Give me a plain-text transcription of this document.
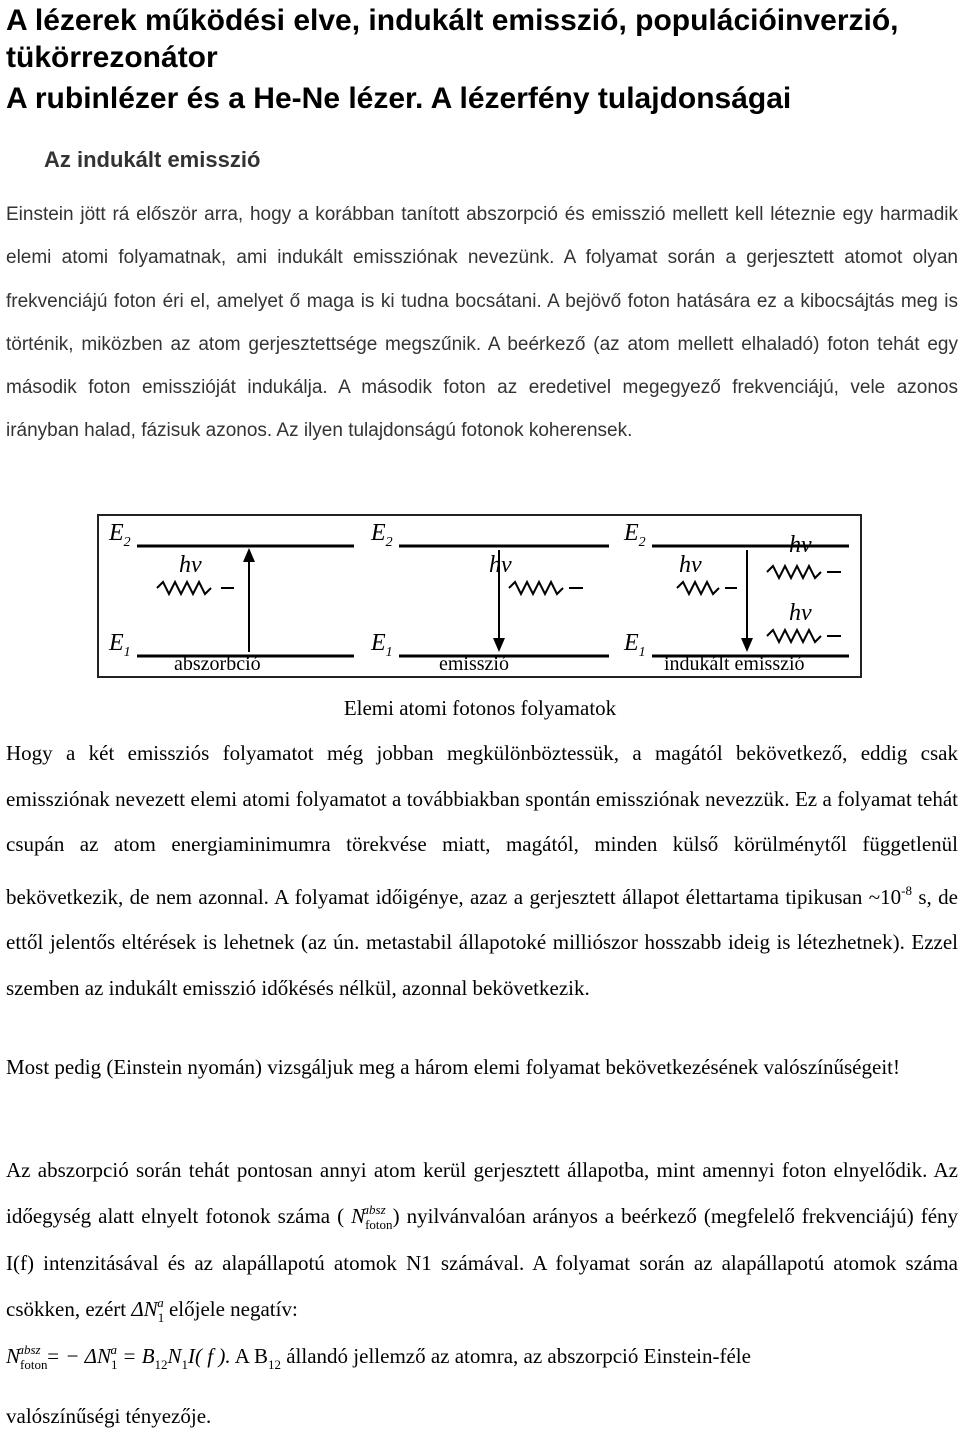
A lézerek működési elve, indukált emisszió, populációinverzió,
tükörrezonátor
A rubinlézer és a He-Ne lézer. A lézerfény tulajdonságai
Az indukált emisszió

Einstein jött rá először arra, hogy a korábban tanított abszorpció és emisszió mellett kell léteznie egy harmadik elemi atomi folyamatnak, ami indukált emissziónak nevezünk. A folyamat során a gerjesztett atomot olyan frekvenciájú foton éri el, amelyet ő maga is ki tudna bocsátani. A bejövő foton hatására ez a kibocsájtás meg is történik, miközben az atom gerjesztettsége megszűnik. A beérkező (az atom mellett elhaladó) foton tehát egy második foton emisszióját indukálja. A második foton az eredetivel megegyező frekvenciájú, vele azonos irányban halad, fázisuk azonos. Az ilyen tulajdonságú fotonok koherensek.

$E_2$
$E_1$
hν
abszorbció
$E_2$
$E_1$
hν
emisszió
$E_2$
$E_1$
hν
hν
hν
indukált emisszió

Elemi atomi fotonos folyamatok

Hogy a két emissziós folyamatot még jobban megkülönböztessük, a magától bekövetkező, eddig csak emissziónak nevezett elemi atomi folyamatot a továbbiakban spontán emissziónak nevezzük. Ez a folyamat tehát csupán az atom energiaminimumra törekvése miatt, magától, minden külső körülménytől függetlenül bekövetkezik, de nem azonnal. A folyamat időigénye, azaz a gerjesztett állapot élettartama tipikusan $\sim 10^{-8}$ s, de ettől jelentős eltérések is lehetnek (az ún. metastabil állapotoké milliószor hosszabb ideig is létezhetnek). Ezzel szemben az indukált emisszió időkésés nélkül, azonnal bekövetkezik.

Most pedig (Einstein nyomán) vizsgáljuk meg a három elemi folyamat bekövetkezésének valószínűségeit!

Az abszorpció során tehát pontosan annyi atom kerül gerjesztett állapotba, mint amennyi foton elnyelődik. Az időegység alatt elnyelt fotonok száma ( $N_{foton}^{absz}$ ) nyilvánvalóan arányos a beérkező (megfelelő frekvenciájú) fény I(f) intenzitásával és az alapállapotú atomok N1 számával. A folyamat során az alapállapotú atomok száma csökken, ezért $\Delta N_1^a$ előjele negatív:
$N_{foton}^{absz}$ = − $\Delta N_1^a = B_{12}N_1I$( f ). A $B_{12}$ állandó jellemző az atomra, az abszorpció Einstein-féle

valószínűségi tényezője.
